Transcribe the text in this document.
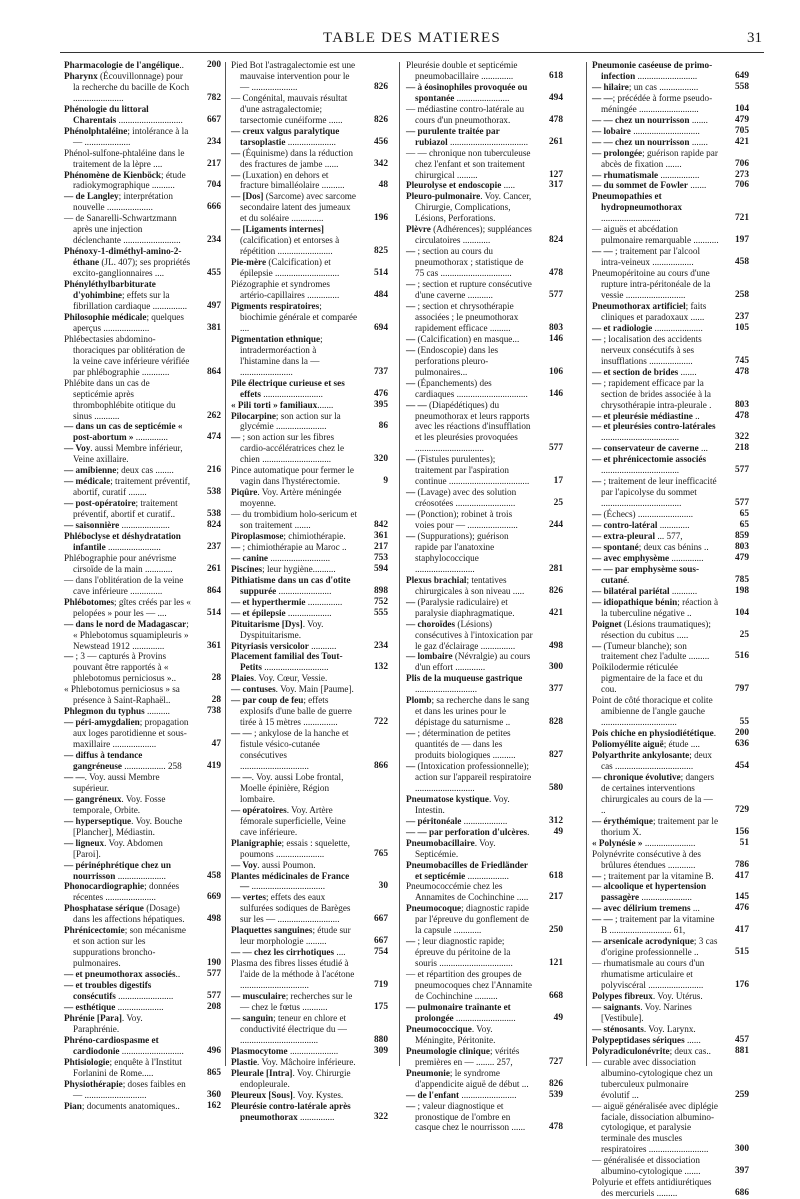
TABLE DES MATIERES	31

Pharmacologie de l'angélique.. 200

Pharynx (Écouvillonnage) pour la recherche du bacille de Koch ......................	782

Phénologie du littoral Charentais ............................	667

Phénolphtaléine; intolérance à la — ....................	234

Phénol-sulfone-phtaléine dans le traitement de la lèpre ....	217

Phénomène de Kienböck; étude radiokymographique ..........	704

— de Langley; interprétation nouvelle ....................	666

— de Sanarelli-Schwartzmann après une injection déclenchante .........................	234

Phénoxy-1-diméthyl-amino-2-éthane (JL. 407); ses propriétés excito-ganglionnaires ....	455

Phényléthylbarbiturate d'yohimbine; effets sur la fibrillation cardiaque ............... 497

Philosophie médicale; quelques aperçus ....................	381

Phlébectasies abdomino-thoraciques par oblitération de la veine cave inférieure vérifiée par phlébographie ............	864

Phlébite dans un cas de septicémie après thrombophlébite otitique du sinus ...........	262

— dans un cas de septicémie « post-abortum » ..............	474

— Voy. aussi Membre inférieur, Veine axillaire.

— amibienne; deux cas ........	216

— médicale; traitement préventif, abortif, curatif ........	538

— post-opératoire; traitement préventif, abortif et curatif..	538

— saisonnière .....................	824

Phléboclyse et déshydratation infantile .......................	237

Phlébographie pour anévrisme cirsoïde de la main ............	261

— dans l'oblitération de la veine cave inférieure ..............	864

Phlébotomes; gîtes créés par les « pelopées » pour les — ....	514

— dans le nord de Madagascar; « Phlebotomus squamipleuris » Newstead 1912 ..............	361

— ; 3 — capturés à Provins pouvant être rapportés à « phlebotomus perniciosus »..	28

« Phlebotomus perniciosus » sa présence à Saint-Raphaël..	28

Phlegmon du typhus ..........	738

— péri-amygdalien; propagation aux loges parotidienne et sous-maxillaire ...................	47

— diffus à tendance gangréneuse .................. 258	419

— —. Voy. aussi Membre supérieur.

— gangréneux. Voy. Fosse temporale, Orbite.

— hyperseptique. Voy. Bouche [Plancher], Médiastin.

— ligneux. Voy. Abdomen [Paroi].

— périnéphrétique chez un nourrisson .....................	458

Phonocardiographie; données récentes ......................	669

Phosphatase sérique (Dosage) dans les affections hépatiques. 498

Phrénicectomie; son mécanisme et son action sur les suppurations broncho-pulmonaires.	190

— et pneumothorax associés..	577

— et troubles digestifs consécutifs ........................	577

— esthétique ....................	208

Phrénie [Para]. Voy. Paraphrénie.

Phréno-cardiospasme et cardiodonie ........................... 496

Phtisiologie; enquête à l'Institut Forlanini de Rome.....	865

Physiothérapie; doses faibles en — ...........................	360

Pian; documents anatomiques..	162

Pied Bot l'astragalectomie est une mauvaise intervention pour le — ....................	826

— Congénital, mauvais résultat d'une astragalectomie; tarsectomie cunéiforme ......	826

— creux valgus paralytique tarsoplastie .....................	456

— (Équinisme) dans la réduction des fractures de jambe ......	342

— (Luxation) en dehors et fracture bimalléolaire ..........	48

— [Dos] (Sarcome) avec sarcome secondaire latent des jumeaux et du soléaire ..............	196

— [Ligaments internes] (calcification) et entorses à répétition ........................	825

Pie-mère (Calcification) et épilepsie ............................	514

Piézographie et syndromes artério-capillaires ..............	484

Pigments respiratoires; biochimie générale et comparée ....	694

Pigmentation ethnique; intradermoréaction à l'histamine dans la — .......................	737

Pile électrique curieuse et ses effets ..........................	476

« Pili torti » familiaux.......	395

Pilocarpine; son action sur la glycémie ......................	86

— ; son action sur les fibres cardio-accélératrices chez le chien ..............................	320

Pince automatique pour fermer le vagin dans l'hystérectomie.	9

Piqûre. Voy. Artère méningée moyenne.

— du trombidium holo-sericum et son traitement .......	842

Piroplasmose; chimiothérapie.	361

— ; chimiothérapie au Maroc ..	217

— canine ..........................	753

Piscines; leur hygiène..........	594

Pithiatisme dans un cas d'otite suppurée .......................	898

— et hyperthermie ...............	752

— et épilepsie ...................	555

Pituitarisme [Dys]. Voy. Dyspituitarisme.

Pityriasis versicolor ...........	234

Placement familial des Tout-Petits ............................	132

Plaies. Voy. Cœur, Vessie.

— contuses. Voy. Main [Paume].

— par coup de feu; effets explosifs d'une balle de guerre tirée à 15 mètres ...............	722

— — ; ankylose de la hanche et fistule vésico-cutanée consécutives ..............................	866

— —. Voy. aussi Lobe frontal, Moelle épinière, Région lombaire.

— opératoires. Voy. Artère fémorale superficielle, Veine cave inférieure.

Planigraphie; essais : squelette, poumons .....................	765

— Voy. aussi Poumon.

Plantes médicinales de France — ................................	30

— vertes; effets des eaux sulfurées sodiques de Barèges sur les — ...........................	667

Plaquettes sanguines; étude sur leur morphologie .........	667

— — chez les cirrhotiques ....	754

Plasma des fibres lisses étudié à l'aide de la méthode à l'acétone ..............................	719

— musculaire; recherches sur le — chez le fœtus ...........	175

— sanguin; teneur en chlore et conductivité électrique du — ..................................	880

Plasmocytome .....................	309

Plastie. Voy. Mâchoire inférieure.

Pleurale [Intra]. Voy. Chirurgie endopleurale.

Pleureux [Sous]. Voy. Kystes.

Pleurésie contro-latérale après pneumothorax ...............	322

Pleurésie double et septicémie pneumobacillaire ..............	618

— à éosinophiles provoquée ou spontanée .......................	494

— médiastine contro-latérale au cours d'un pneumothorax.	478

— purulente traitée par rubiazol .................................. 261

— — chronique non tuberculeuse chez l'enfant et son traitement chirurgical .........	127

Pleurolyse et endoscopie .....	317

Pleuro-pulmonaire. Voy. Cancer, Chirurgie, Complications, Lésions, Perforations.

Plèvre (Adhérences); suppléances circulatoires ............	824

— ; section au cours du pneumothorax ; statistique de 75 cas ...............................	478

— ; section et rupture consécutive d'une caverne ...........	577

— ; section et chrysothérapie associées ; le pneumothorax rapidement efficace .........	803

— (Calcification) en masque...	146

— (Endoscopie) dans les perforations pleuro-pulmonaires...	106

— (Épanchements) des cardiaques ............................... 146

— — (Diapédétiques) du pneumothorax et leurs rapports avec les réactions d'insufflation et les pleurésies provoquées ..............................	577

— (Fistules purulentes); traitement par l'aspiration continue ...................................	17

— (Lavage) avec des solution créosotées ..........................	25

— (Ponction); robinet à trois voies pour — ......................	244

— (Suppurations); guérison rapide par l'anatoxine staphylococcique ..........................	281

Plexus brachial; tentatives chirurgicales à son niveau .....	826

— (Paralysie radiculaire) et paralysie diaphragmatique.	421

— choroïdes (Lésions) consécutives à l'intoxication par le gaz d'éclairage ...............	498

— lombaire (Névralgie) au cours d'un effort .............	300

Plis de la muqueuse gastrique ...........................	377

Plomb; sa recherche dans le sang et dans les urines pour le dépistage du saturnisme ..	828

— ; détermination de petites quantités de — dans les produits biologiques ..........	827

— (Intoxication professionnelle); action sur l'appareil respiratoire ..........................	580

Pneumatose kystique. Voy. Intestin.

— péritonéale ...................	312

— — par perforation d'ulcères.	49

Pneumobacillaire. Voy. Septicémie.

Pneumobacilles de Friedländer et septicémie ..................	618

Pneumococcémie chez les Annamites de Cochinchine ..... 217

Pneumocoque; diagnostic rapide par l'épreuve du gonflement de la capsule ............	250

— ; leur diagnostic rapide; épreuve du péritoine de la souris ................................	121

— et répartition des groupes de pneumocoques chez l'Annamite de Cochinchine ..........	668

— pulmonaire traînante et prolongée ..........................	49

Pneumococcique. Voy. Méningite, Péritonite.

Pneumologie clinique; vérités premières en — ........ 257,	727

Pneumonie; le syndrome d'appendicite aiguë de début ... 826

— de l'enfant ........................	539

— ; valeur diagnostique et pronostique de l'ombre en casque chez le nourrisson ......	478

Pneumonie caséeuse de primo-infection ..........................	649

— hilaire; un cas .................	558

— —; précédée à forme pseudo-méningée ..........................	104

— — chez un nourrisson .......	479

— lobaire .............................	705

— — chez un nourrisson .......	421

— prolongée; guérison rapide par abcès de fixation .......	706

— rhumatismale .................	273

— du sommet de Fowler .......	706

Pneumopathies et hydropneumothorax ..........................	721

— aiguës et abcédation pulmonaire remarquable ........... 197

— — ; traitement par l'alcool intra-veineux ..................	458

Pneumopéritoine au cours d'une rupture intra-péritonéale de la vessie ..........................	258

Pneumothorax artificiel; faits cliniques et paradoxaux ......	237

— et radiologie .....................	105

— ; localisation des accidents nerveux consécutifs à ses insufflations ...................	745

— et section de brides .......	478

— ; rapidement efficace par la section de brides associée à la chrysothérapie intra-pleurale . 803

— et pleurésie médiastine ..	478

— et pleurésies contro-latérales ..................................	322

— conservateur de caverne ...	218

— et phrénicectomie associés ..................................	577

— ; traitement de leur inefficacité par l'apicolyse du sommet ...................................	577

— (Échecs) ........................	65

— contro-latéral .............	65

— extra-pleural ... 577,	859

— spontané; deux cas bénins ..	803

— avec emphysème ..............	479

— — par emphysème sous-cutané.	785

— bilatéral pariétal ...........	198

— idiopathique bénin; réaction à la tuberculine négative ..	104

Poignet (Lésions traumatiques); résection du cubitus .....	25

— (Tumeur blanche); son traitement chez l'adulte .........	516

Poïkilodermie réticulée pigmentaire de la face et du cou.	797

Point de côté thoracique et colite amibienne de l'angle gauche .................................	55

Pois chiche en physiodiététique. 200

Poliomyélite aiguë; étude ....	636

Polyarthrite ankylosante; deux cas ..................................	454

— chronique évolutive; dangers de certaines interventions chirurgicales au cours de la — ..	729

— érythémique; traitement par le thorium X.	156

« Polynésie » ......................	51

Polynévrite consécutive à des brûlures étendues ............	786

— ; traitement par la vitamine B. 417

— alcoolique et hypertension passagère ......................	145

— avec délirium tremens ...	476

— — ; traitement par la vitamine B ........................... 61,	417

— arsenicale acrodynique; 3 cas d'origine professionnelle ..	515

— rhumatismale au cours d'un rhumatisme articulaire et polyviscéral ........................	176

Polypes fibreux. Voy. Utérus.

— saignants. Voy. Narines [Vestibule].

— sténosants. Voy. Larynx.

Polypeptidases sériques ......	457

Polyradiculonévrite; deux cas..	881

— curable avec dissociation albumino-cytologique chez un tuberculeux pulmonaire évolutif ...	259

— aiguë généralisée avec diplégie faciale, dissociation albumino-cytologique, et paralysie terminale des muscles respiratoires ..........................	300

— généralisée et dissociation albumino-cytologique .......	397

Polyurie et effets antidiurétiques des mercuriels .........	686
